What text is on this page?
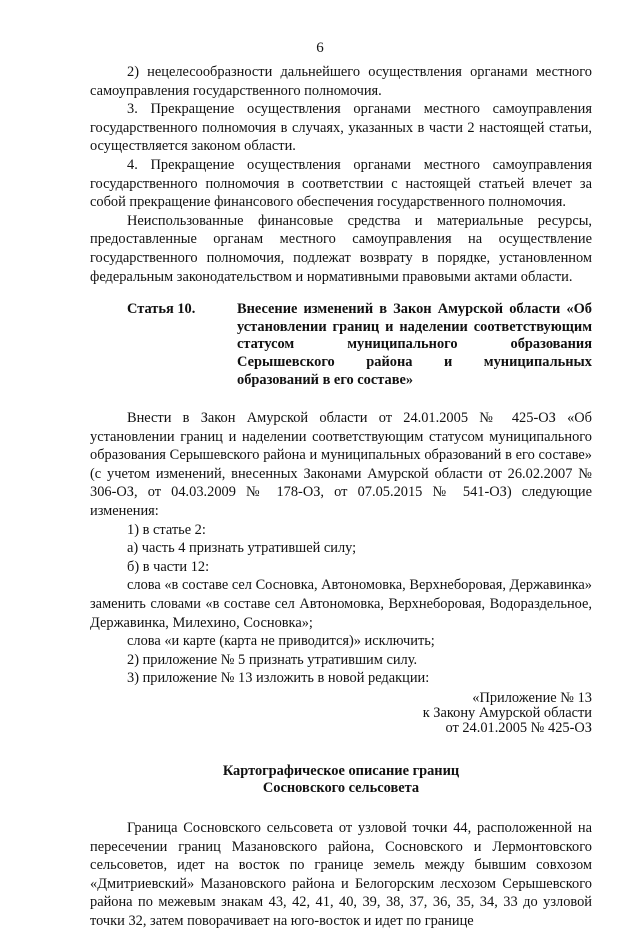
6

2) нецелесообразности дальнейшего осуществления органами местного самоуправления государственного полномочия.

3. Прекращение осуществления органами местного самоуправления государственного полномочия в случаях, указанных в части 2 настоящей статьи, осуществляется законом области.

4. Прекращение осуществления органами местного самоуправления государственного полномочия в соответствии с настоящей статьей влечет за собой прекращение финансового обеспечения государственного полномочия.

Неиспользованные финансовые средства и материальные ресурсы, предоставленные органам местного самоуправления на осуществление государственного полномочия, подлежат возврату в порядке, установленном федеральным законодательством и нормативными правовыми актами области.

Статья 10.	Внесение изменений в Закон Амурской области «Об установлении границ и наделении соответствующим статусом муниципального образования Серышевского района и муниципальных образований в его составе»

Внести в Закон Амурской области от 24.01.2005 № 425-ОЗ «Об установлении границ и наделении соответствующим статусом муниципального образования Серышевского района и муниципальных образований в его составе» (с учетом изменений, внесенных Законами Амурской области от 26.02.2007 № 306-ОЗ, от 04.03.2009 № 178-ОЗ, от 07.05.2015 № 541-ОЗ) следующие изменения:

1) в статье 2:

а) часть 4 признать утратившей силу;

б) в части 12:

слова «в составе сел Сосновка, Автономовка, Верхнеборовая, Державинка» заменить словами «в составе сел Автономовка, Верхнеборовая, Водораздельное, Державинка, Милехино, Сосновка»;

слова «и карте (карта не приводится)» исключить;

2) приложение № 5 признать утратившим силу.

3) приложение № 13 изложить в новой редакции:

«Приложение № 13
к Закону Амурской области
от 24.01.2005 № 425-ОЗ
Картографическое описание границ
Сосновского сельсовета

Граница Сосновского сельсовета от узловой точки 44, расположенной на пересечении границ Мазановского района, Сосновского и Лермонтовского сельсоветов, идет на восток по границе земель между бывшим совхозом «Дмитриевский» Мазановского района и Белогорским лесхозом Серышевского района по межевым знакам 43, 42, 41, 40, 39, 38, 37, 36, 35, 34, 33 до узловой точки 32, затем поворачивает на юго-восток и идет по границе
